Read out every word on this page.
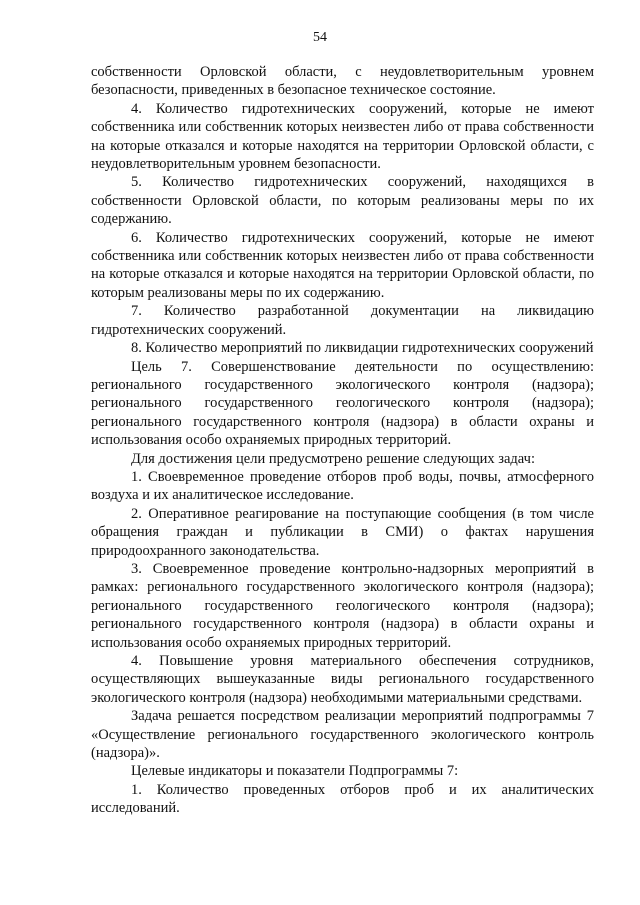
54

собственности Орловской области, с неудовлетворительным уровнем безопасности, приведенных в безопасное техническое состояние.

4. Количество гидротехнических сооружений, которые не имеют собственника или собственник которых неизвестен либо от права собственности на которые отказался и которые находятся на территории Орловской области, с неудовлетворительным уровнем безопасности.

5. Количество гидротехнических сооружений, находящихся в собственности Орловской области, по которым реализованы меры по их содержанию.

6. Количество гидротехнических сооружений, которые не имеют собственника или собственник которых неизвестен либо от права собственности на которые отказался и которые находятся на территории Орловской области, по которым реализованы меры по их содержанию.

7. Количество разработанной документации на ликвидацию гидротехнических сооружений.

8. Количество мероприятий по ликвидации гидротехнических сооружений

Цель 7. Совершенствование деятельности по осуществлению: регионального государственного экологического контроля (надзора); регионального государственного геологического контроля (надзора); регионального государственного контроля (надзора) в области охраны и использования особо охраняемых природных территорий.

Для достижения цели предусмотрено решение следующих задач:

1. Своевременное проведение отборов проб воды, почвы, атмосферного воздуха и их аналитическое исследование.

2. Оперативное реагирование на поступающие сообщения (в том числе обращения граждан и публикации в СМИ) о фактах нарушения природоохранного законодательства.

3. Своевременное проведение контрольно-надзорных мероприятий в рамках: регионального государственного экологического контроля (надзора); регионального государственного геологического контроля (надзора); регионального государственного контроля (надзора) в области охраны и использования особо охраняемых природных территорий.

4. Повышение уровня материального обеспечения сотрудников, осуществляющих вышеуказанные виды регионального государственного экологического контроля (надзора) необходимыми материальными средствами.

Задача решается посредством реализации мероприятий подпрограммы 7 «Осуществление регионального государственного экологического контроль (надзора)».

Целевые индикаторы и показатели Подпрограммы 7:

1. Количество проведенных отборов проб и их аналитических исследований.
